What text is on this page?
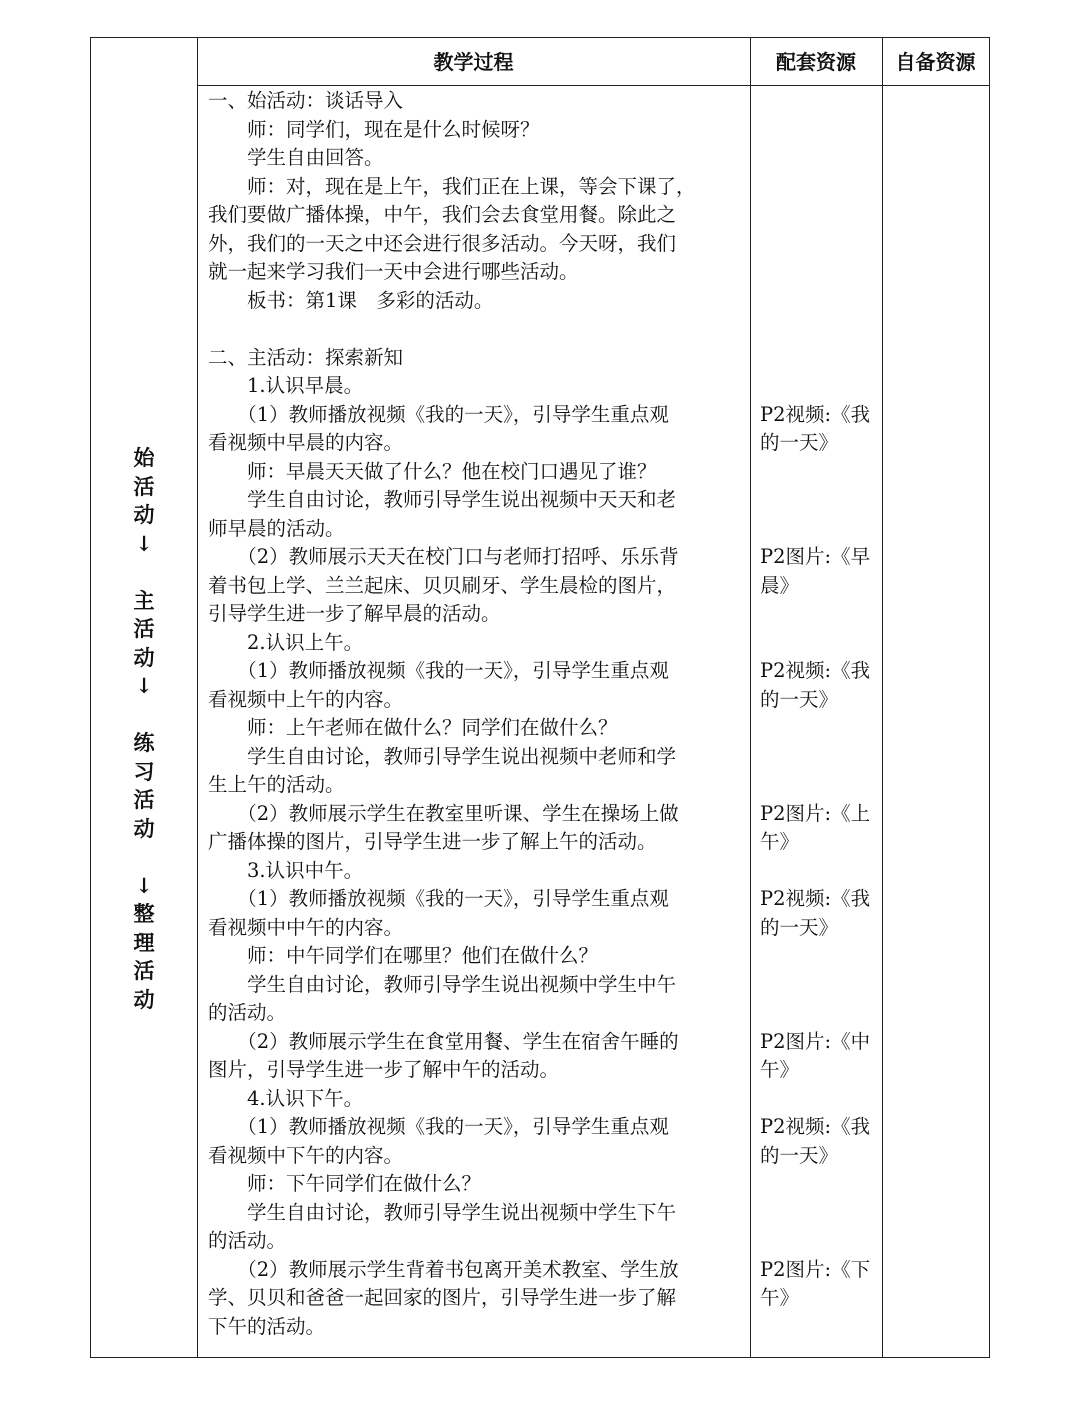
教学过程	配套资源	自备资源
始
活
动
↓
主
活
动
↓
练
习
活
动
↓
整
理
活
动
一、始活动：谈话导入
　　师：同学们，现在是什么时候呀？
　　学生自由回答。
　　师：对，现在是上午，我们正在上课，等会下课了，
我们要做广播体操，中午，我们会去食堂用餐。除此之
外，我们的一天之中还会进行很多活动。今天呀，我们
就一起来学习我们一天中会进行哪些活动。
　　板书：第1课　多彩的活动。
二、主活动：探索新知
　　1.认识早晨。
　　（1）教师播放视频《我的一天》，引导学生重点观
看视频中早晨的内容。
　　师：早晨天天做了什么？他在校门口遇见了谁？
　　学生自由讨论，教师引导学生说出视频中天天和老
师早晨的活动。
　　（2）教师展示天天在校门口与老师打招呼、乐乐背
着书包上学、兰兰起床、贝贝刷牙、学生晨检的图片，
引导学生进一步了解早晨的活动。
　　2.认识上午。
　　（1）教师播放视频《我的一天》，引导学生重点观
看视频中上午的内容。
　　师：上午老师在做什么？同学们在做什么？
　　学生自由讨论，教师引导学生说出视频中老师和学
生上午的活动。
　　（2）教师展示学生在教室里听课、学生在操场上做
广播体操的图片，引导学生进一步了解上午的活动。
　　3.认识中午。
　　（1）教师播放视频《我的一天》，引导学生重点观
看视频中中午的内容。
　　师：中午同学们在哪里？他们在做什么？
　　学生自由讨论，教师引导学生说出视频中学生中午
的活动。
　　（2）教师展示学生在食堂用餐、学生在宿舍午睡的
图片，引导学生进一步了解中午的活动。
　　4.认识下午。
　　（1）教师播放视频《我的一天》，引导学生重点观
看视频中下午的内容。
　　师：下午同学们在做什么？
　　学生自由讨论，教师引导学生说出视频中学生下午
的活动。
　　（2）教师展示学生背着书包离开美术教室、学生放
学、贝贝和爸爸一起回家的图片，引导学生进一步了解
下午的活动。
P2视频:《我
的一天》
P2图片:《早
晨》
P2视频:《我
的一天》
P2图片:《上
午》
P2视频:《我
的一天》
P2图片:《中
午》
P2视频:《我
的一天》
P2图片:《下
午》
